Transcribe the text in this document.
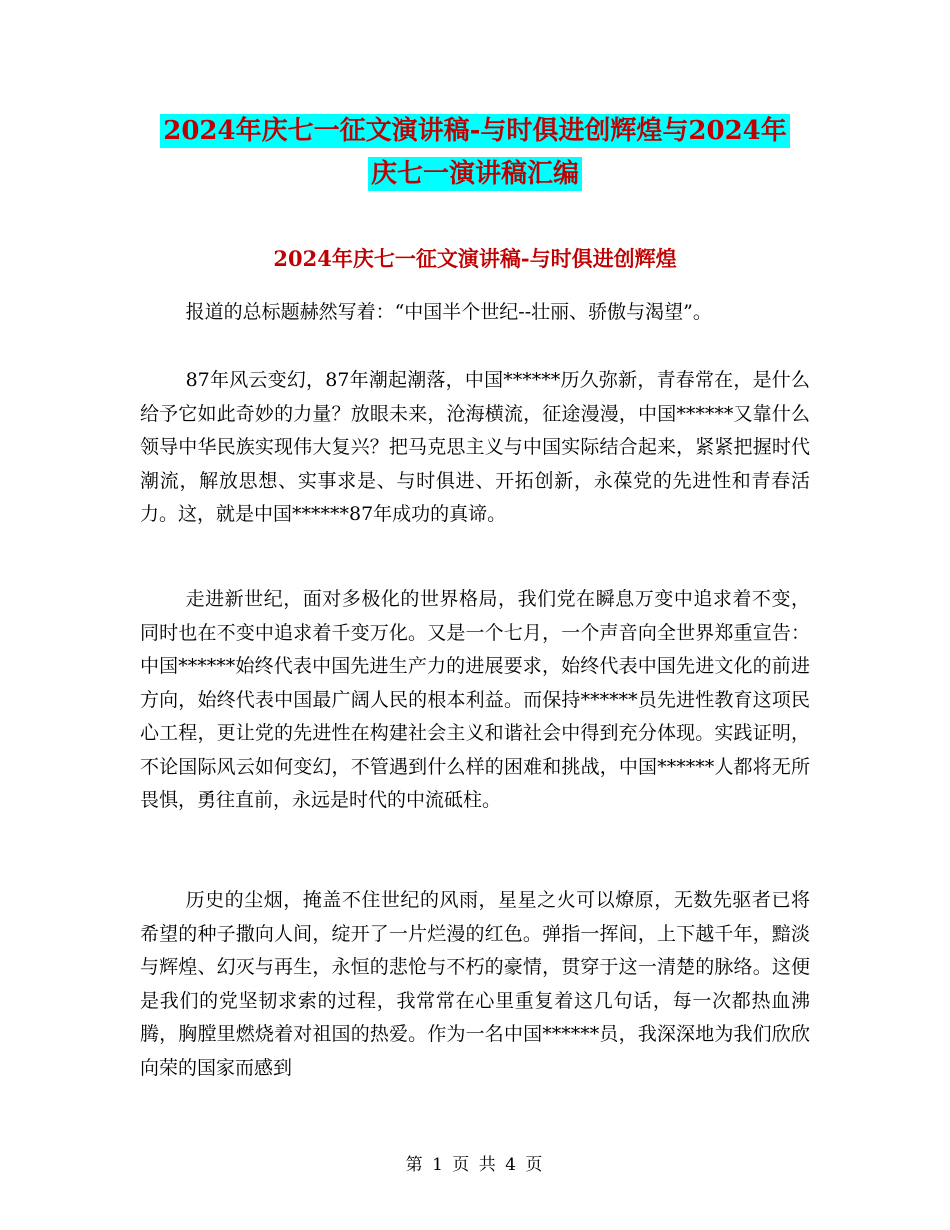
2024年庆七一征文演讲稿-与时俱进创辉煌与2024年
庆七一演讲稿汇编
2024年庆七一征文演讲稿-与时俱进创辉煌

报道的总标题赫然写着：“中国半个世纪--壮丽、骄傲与渴望”。

87年风云变幻，87年潮起潮落，中国******历久弥新，青春常在，是什么给予它如此奇妙的力量？放眼未来，沧海横流，征途漫漫，中国******又靠什么领导中华民族实现伟大复兴？把马克思主义与中国实际结合起来，紧紧把握时代潮流，解放思想、实事求是、与时俱进、开拓创新，永葆党的先进性和青春活力。这，就是中国******87年成功的真谛。

走进新世纪，面对多极化的世界格局，我们党在瞬息万变中追求着不变，同时也在不变中追求着千变万化。又是一个七月，一个声音向全世界郑重宣告：中国******始终代表中国先进生产力的进展要求，始终代表中国先进文化的前进方向，始终代表中国最广阔人民的根本利益。而保持******员先进性教育这项民心工程，更让党的先进性在构建社会主义和谐社会中得到充分体现。实践证明，不论国际风云如何变幻，不管遇到什么样的困难和挑战，中国******人都将无所畏惧，勇往直前，永远是时代的中流砥柱。

历史的尘烟，掩盖不住世纪的风雨，星星之火可以燎原，无数先驱者已将希望的种子撒向人间，绽开了一片烂漫的红色。弹指一挥间，上下越千年，黯淡与辉煌、幻灭与再生，永恒的悲怆与不朽的豪情，贯穿于这一清楚的脉络。这便是我们的党坚韧求索的过程，我常常在心里重复着这几句话，每一次都热血沸腾，胸膛里燃烧着对祖国的热爱。作为一名中国******员，我深深地为我们欣欣向荣的国家而感到

第 1 页 共 4 页
